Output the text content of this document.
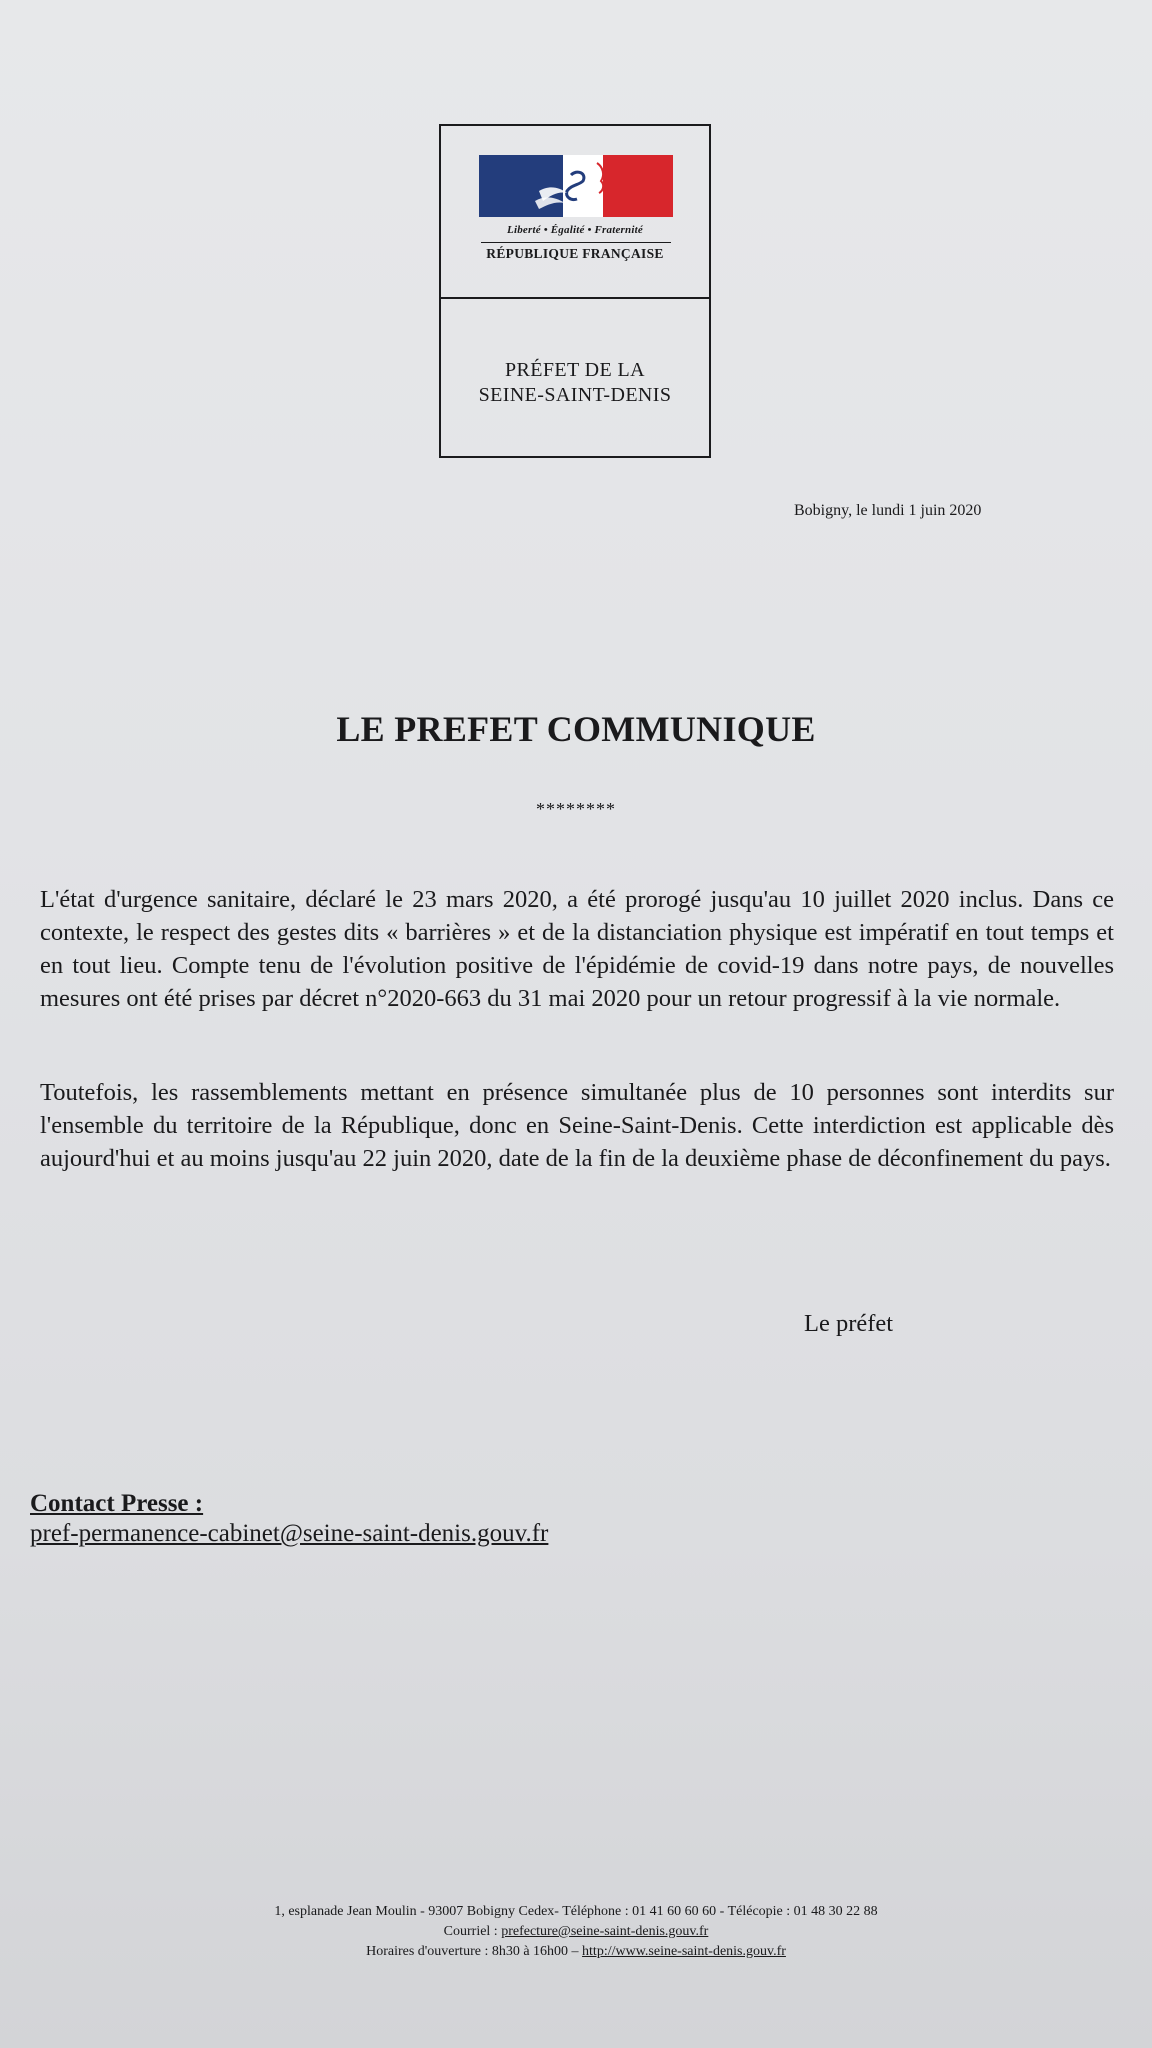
Liberté • Égalité • Fraternité
RÉPUBLIQUE FRANÇAISE
PRÉFET DE LA
SEINE-SAINT-DENIS
Bobigny, le lundi 1 juin 2020
LE PREFET COMMUNIQUE
********

L'état d'urgence sanitaire, déclaré le 23 mars 2020, a été prorogé jusqu'au 10 juillet 2020 inclus. Dans ce contexte, le respect des gestes dits « barrières » et de la distanciation physique est impératif en tout temps et en tout lieu. Compte tenu de l'évolution positive de l'épidémie de covid-19 dans notre pays, de nouvelles mesures ont été prises par décret n°2020-663 du 31 mai 2020 pour un retour progressif à la vie normale.

Toutefois, les rassemblements mettant en présence simultanée plus de 10 personnes sont interdits sur l'ensemble du territoire de la République, donc en Seine-Saint-Denis. Cette interdiction est applicable dès aujourd'hui et au moins jusqu'au 22 juin 2020, date de la fin de la deuxième phase de déconfinement du pays.

Le préfet
Contact Presse :
pref-permanence-cabinet@seine-saint-denis.gouv.fr
1, esplanade Jean Moulin - 93007 Bobigny Cedex- Téléphone : 01 41 60 60 60 - Télécopie : 01 48 30 22 88
Courriel : prefecture@seine-saint-denis.gouv.fr
Horaires d'ouverture : 8h30 à 16h00 – http://www.seine-saint-denis.gouv.fr
